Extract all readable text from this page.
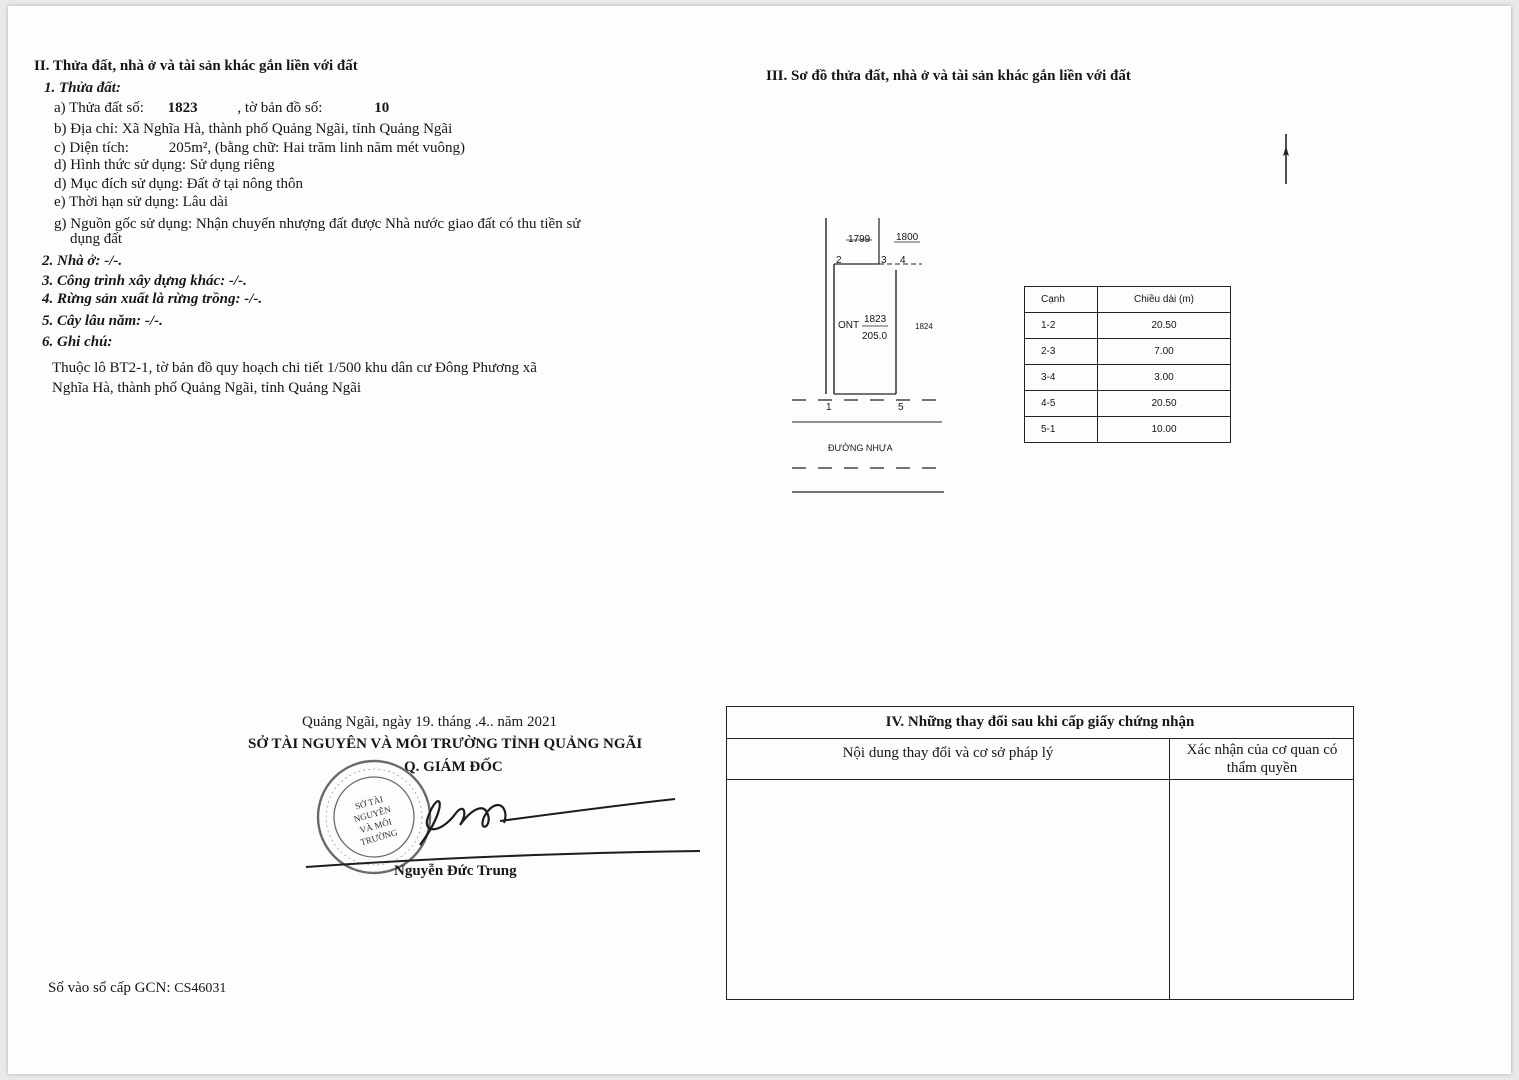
II. Thửa đất, nhà ở và tài sản khác gắn liền với đất
1. Thửa đất:
a) Thửa đất số: 1823	, tờ bản đồ số:	10
b) Địa chỉ: Xã Nghĩa Hà, thành phố Quảng Ngãi, tỉnh Quảng Ngãi
c) Diện tích:	205m², (bằng chữ: Hai trăm linh năm mét vuông)
d) Hình thức sử dụng: Sử dụng riêng
d) Mục đích sử dụng: Đất ở tại nông thôn
e) Thời hạn sử dụng: Lâu dài
g) Nguồn gốc sử dụng: Nhận chuyển nhượng đất được Nhà nước giao đất có thu tiền sử
dụng đất
2. Nhà ở: -/-.
3. Công trình xây dựng khác: -/-.
4. Rừng sản xuất là rừng trồng: -/-.
5. Cây lâu năm: -/-.
6. Ghi chú:
Thuộc lô BT2-1, tờ bản đồ quy hoạch chi tiết 1/500 khu dân cư Đông Phương xã
Nghĩa Hà, thành phố Quảng Ngãi, tỉnh Quảng Ngãi
III. Sơ đồ thửa đất, nhà ở và tài sản khác gắn liền với đất
1799	1800
2	3 4
ONT
1823
205.0
1824
1	5
ĐƯỜNG NHỰA
Cạnh	Chiều dài (m)
1-2	20.50
2-3	7.00
3-4	3.00
4-5	20.50
5-1	10.00
Quảng Ngãi, ngày 19. tháng .4.. năm 2021
SỞ TÀI NGUYÊN VÀ MÔI TRƯỜNG TỈNH QUẢNG NGÃI
Q. GIÁM ĐỐC
SỞ TÀI NGUYÊN VÀ MÔI TRƯỜNG
Nguyễn Đức Trung
Số vào sổ cấp GCN: CS46031
IV. Những thay đổi sau khi cấp giấy chứng nhận
Nội dung thay đổi và cơ sở pháp lý	Xác nhận của cơ quan có thẩm quyền
